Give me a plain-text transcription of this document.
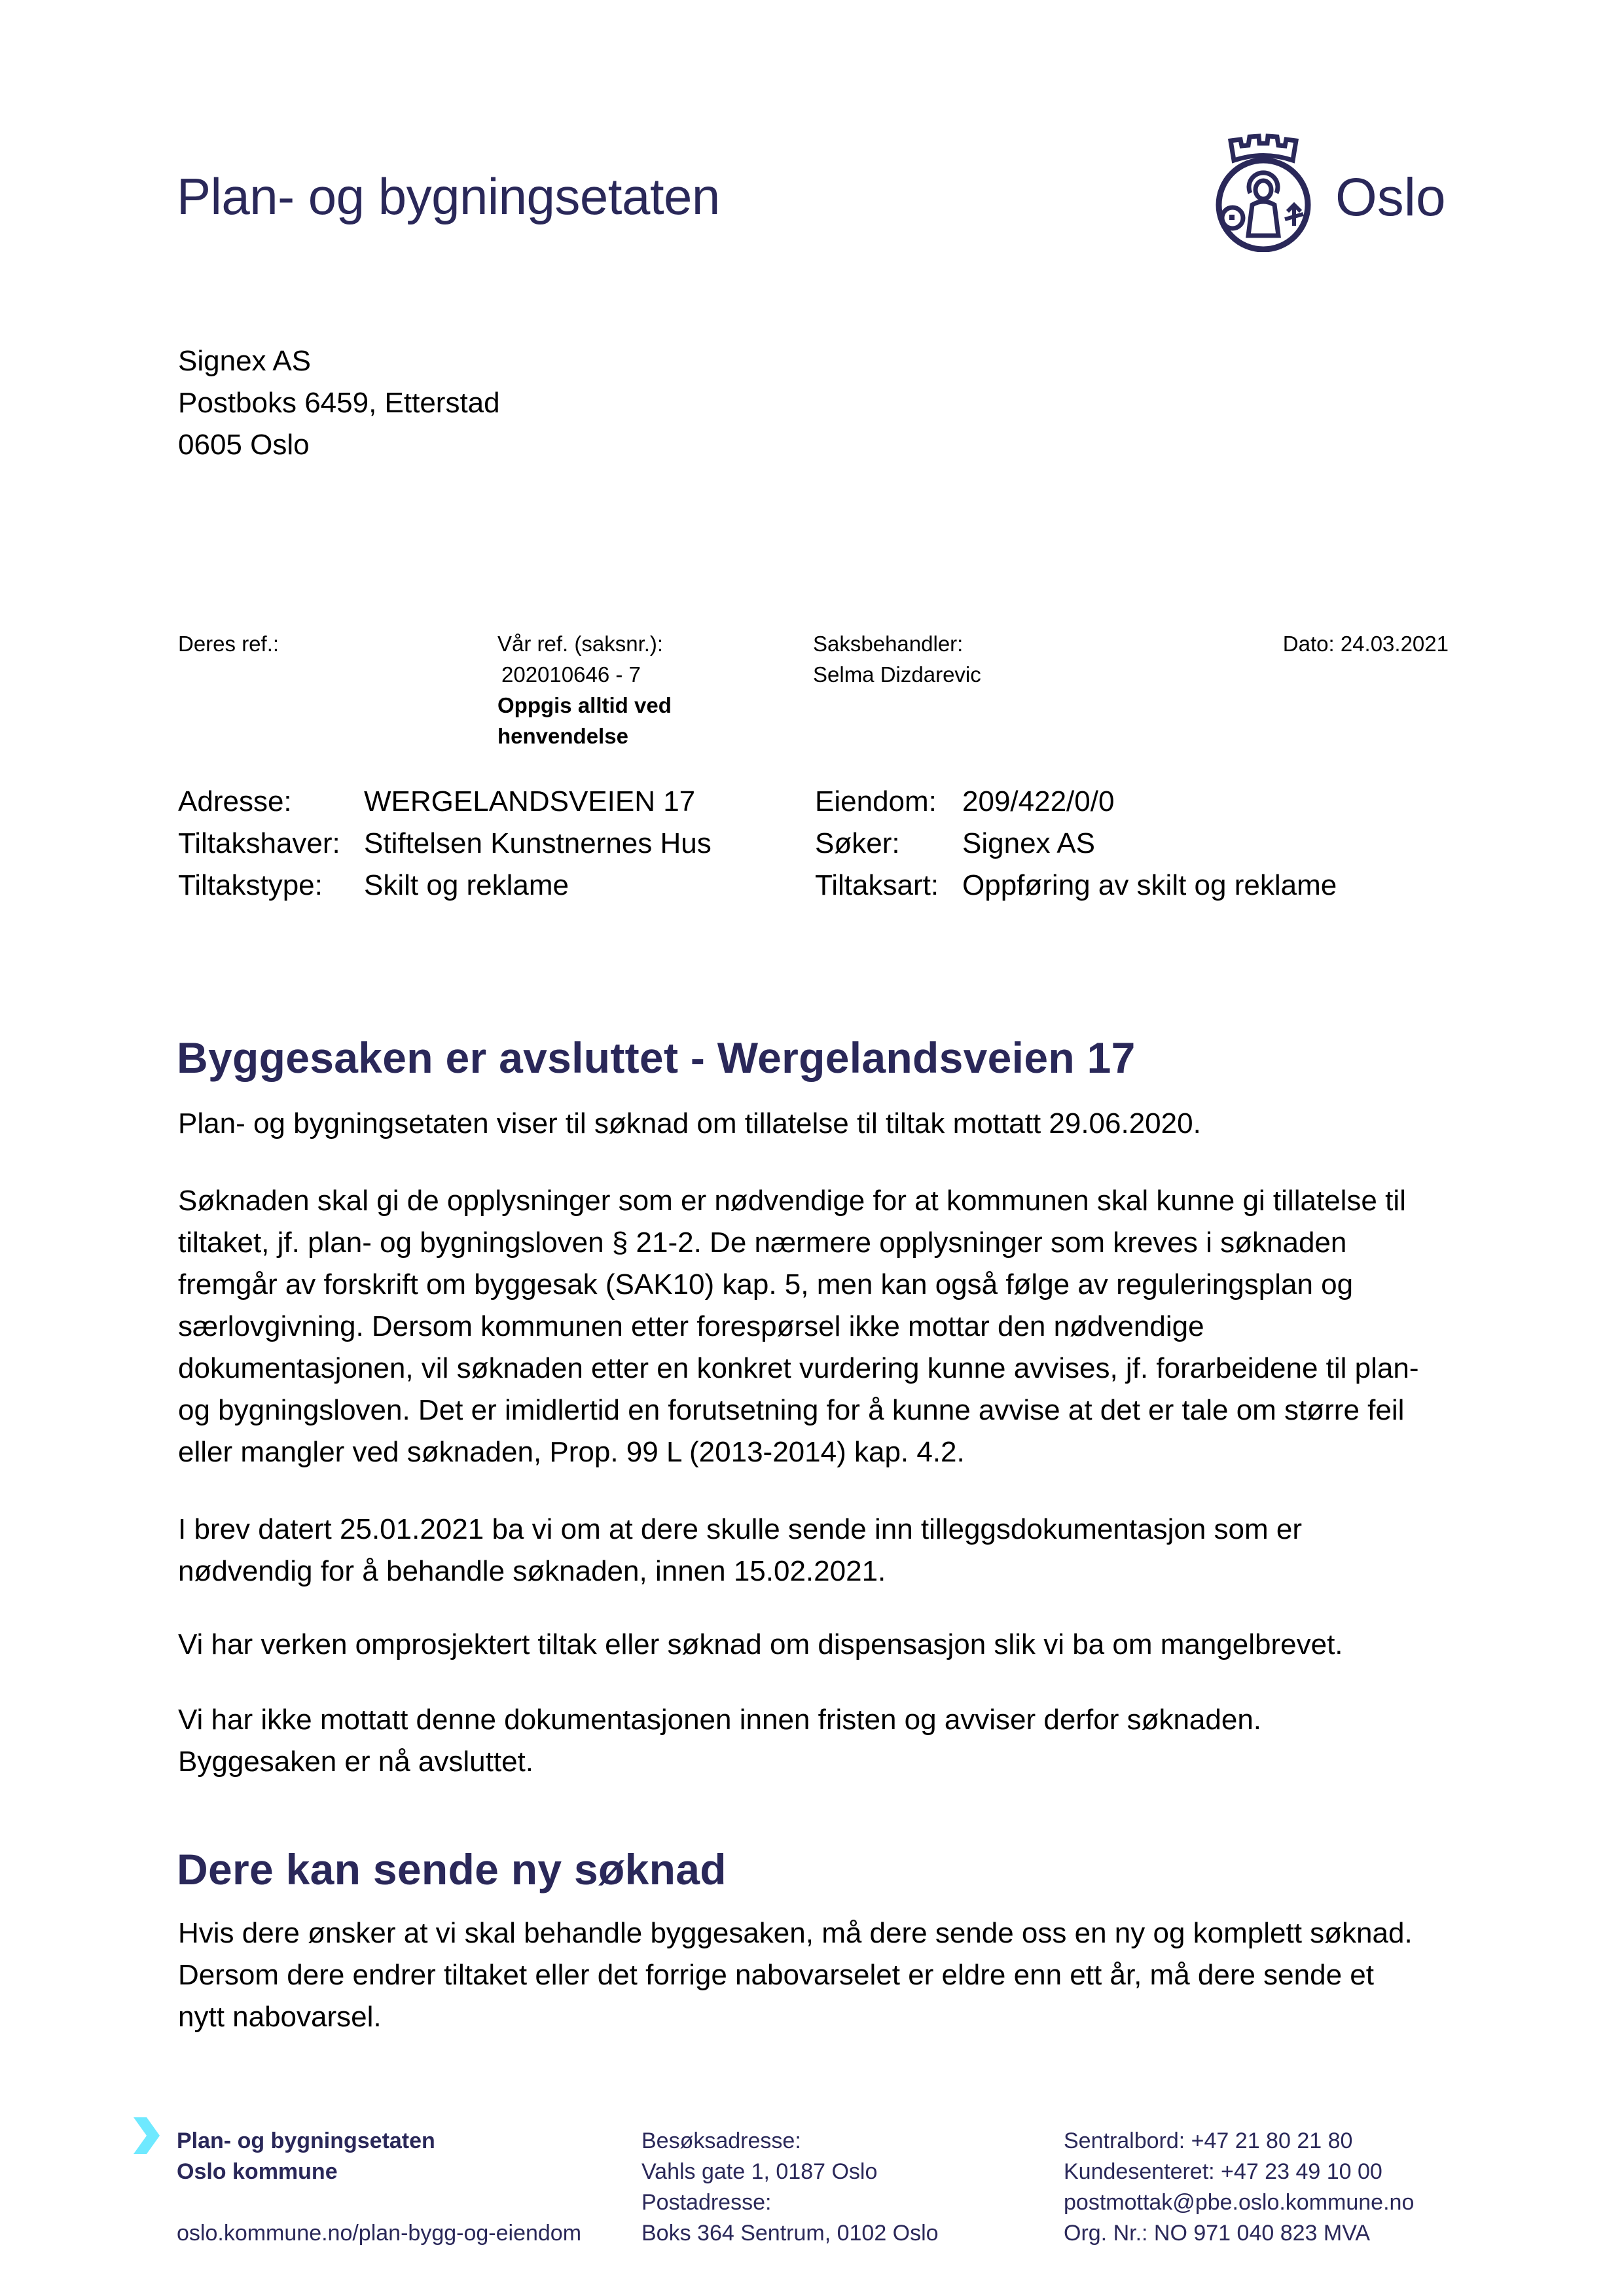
Plan- og bygningsetaten	Oslo
Signex AS
Postboks 6459, Etterstad
0605 Oslo
Deres ref.:	Vår ref. (saksnr.):
202010646 - 7
Oppgis alltid ved
henvendelse
Saksbehandler:
Selma Dizdarevic
Dato: 24.03.2021
Adresse:	WERGELANDSVEIEN 17
Tiltakshaver: Stiftelsen Kunstnernes Hus
Tiltakstype:	Skilt og reklame
Eiendom: 209/422/0/0
Søker:	Signex AS
Tiltaksart: Oppføring av skilt og reklame
Byggesaken er avsluttet - Wergelandsveien 17
Plan- og bygningsetaten viser til søknad om tillatelse til tiltak mottatt 29.06.2020.
Søknaden skal gi de opplysninger som er nødvendige for at kommunen skal kunne gi tillatelse til
tiltaket, jf. plan- og bygningsloven § 21-2. De nærmere opplysninger som kreves i søknaden
fremgår av forskrift om byggesak (SAK10) kap. 5, men kan også følge av reguleringsplan og
særlovgivning. Dersom kommunen etter forespørsel ikke mottar den nødvendige
dokumentasjonen, vil søknaden etter en konkret vurdering kunne avvises, jf. forarbeidene til plan-
og bygningsloven. Det er imidlertid en forutsetning for å kunne avvise at det er tale om større feil
eller mangler ved søknaden, Prop. 99 L (2013-2014) kap. 4.2.
I brev datert 25.01.2021 ba vi om at dere skulle sende inn tilleggsdokumentasjon som er
nødvendig for å behandle søknaden, innen 15.02.2021.
Vi har verken omprosjektert tiltak eller søknad om dispensasjon slik vi ba om mangelbrevet.
Vi har ikke mottatt denne dokumentasjonen innen fristen og avviser derfor søknaden.
Byggesaken er nå avsluttet.
Dere kan sende ny søknad
Hvis dere ønsker at vi skal behandle byggesaken, må dere sende oss en ny og komplett søknad.
Dersom dere endrer tiltaket eller det forrige nabovarselet er eldre enn ett år, må dere sende et
nytt nabovarsel.
Plan- og bygningsetaten
Oslo kommune

oslo.kommune.no/plan-bygg-og-eiendom
Besøksadresse:
Vahls gate 1, 0187 Oslo
Postadresse:
Boks 364 Sentrum, 0102 Oslo
Sentralbord: +47 21 80 21 80
Kundesenteret: +47 23 49 10 00
postmottak@pbe.oslo.kommune.no
Org. Nr.: NO 971 040 823 MVA
